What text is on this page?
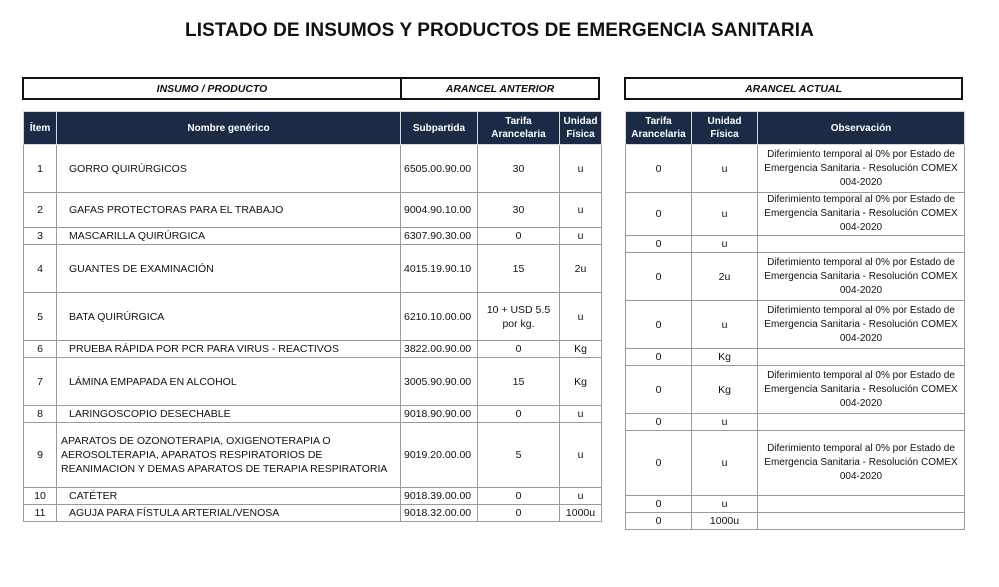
LISTADO DE INSUMOS Y PRODUCTOS DE EMERGENCIA SANITARIA
INSUMO / PRODUCTO	ARANCEL ANTERIOR	ARANCEL ACTUAL
Ítem	Nombre genérico	Subpartida	Tarifa Arancelaria	Unidad Física
1	GORRO QUIRÚRGICOS	6505.00.90.00	30	u
2	GAFAS PROTECTORAS PARA EL TRABAJO	9004.90.10.00	30	u
3	MASCARILLA QUIRÚRGICA	6307.90.30.00	0	u
4	GUANTES DE EXAMINACIÓN	4015.19.90.10	15	2u
5	BATA QUIRÚRGICA	6210.10.00.00	10 + USD 5.5 por kg.	u
6	PRUEBA RÁPIDA POR PCR PARA VIRUS - REACTIVOS	3822.00.90.00	0	Kg
7	LÁMINA EMPAPADA EN ALCOHOL	3005.90.90.00	15	Kg
8	LARINGOSCOPIO DESECHABLE	9018.90.90.00	0	u
9	APARATOS DE OZONOTERAPIA, OXIGENOTERAPIA O AEROSOLTERAPIA, APARATOS RESPIRATORIOS DE REANIMACION Y DEMAS APARATOS DE TERAPIA RESPIRATORIA	9019.20.00.00	5	u
10	CATÉTER	9018.39.00.00	0	u
11	AGUJA PARA FÍSTULA ARTERIAL/VENOSA	9018.32.00.00	0	1000u
Tarifa Arancelaria	Unidad Física	Observación
0	u	Diferimiento temporal al 0% por Estado de Emergencia Sanitaria - Resolución COMEX 004-2020
0	u	Diferimiento temporal al 0% por Estado de Emergencia Sanitaria - Resolución COMEX 004-2020
0	u	
0	2u	Diferimiento temporal al 0% por Estado de Emergencia Sanitaria - Resolución COMEX 004-2020
0	u	Diferimiento temporal al 0% por Estado de Emergencia Sanitaria - Resolución COMEX 004-2020
0	Kg	
0	Kg	Diferimiento temporal al 0% por Estado de Emergencia Sanitaria - Resolución COMEX 004-2020
0	u	
0	u	Diferimiento temporal al 0% por Estado de Emergencia Sanitaria - Resolución COMEX 004-2020
0	u	
0	1000u	
